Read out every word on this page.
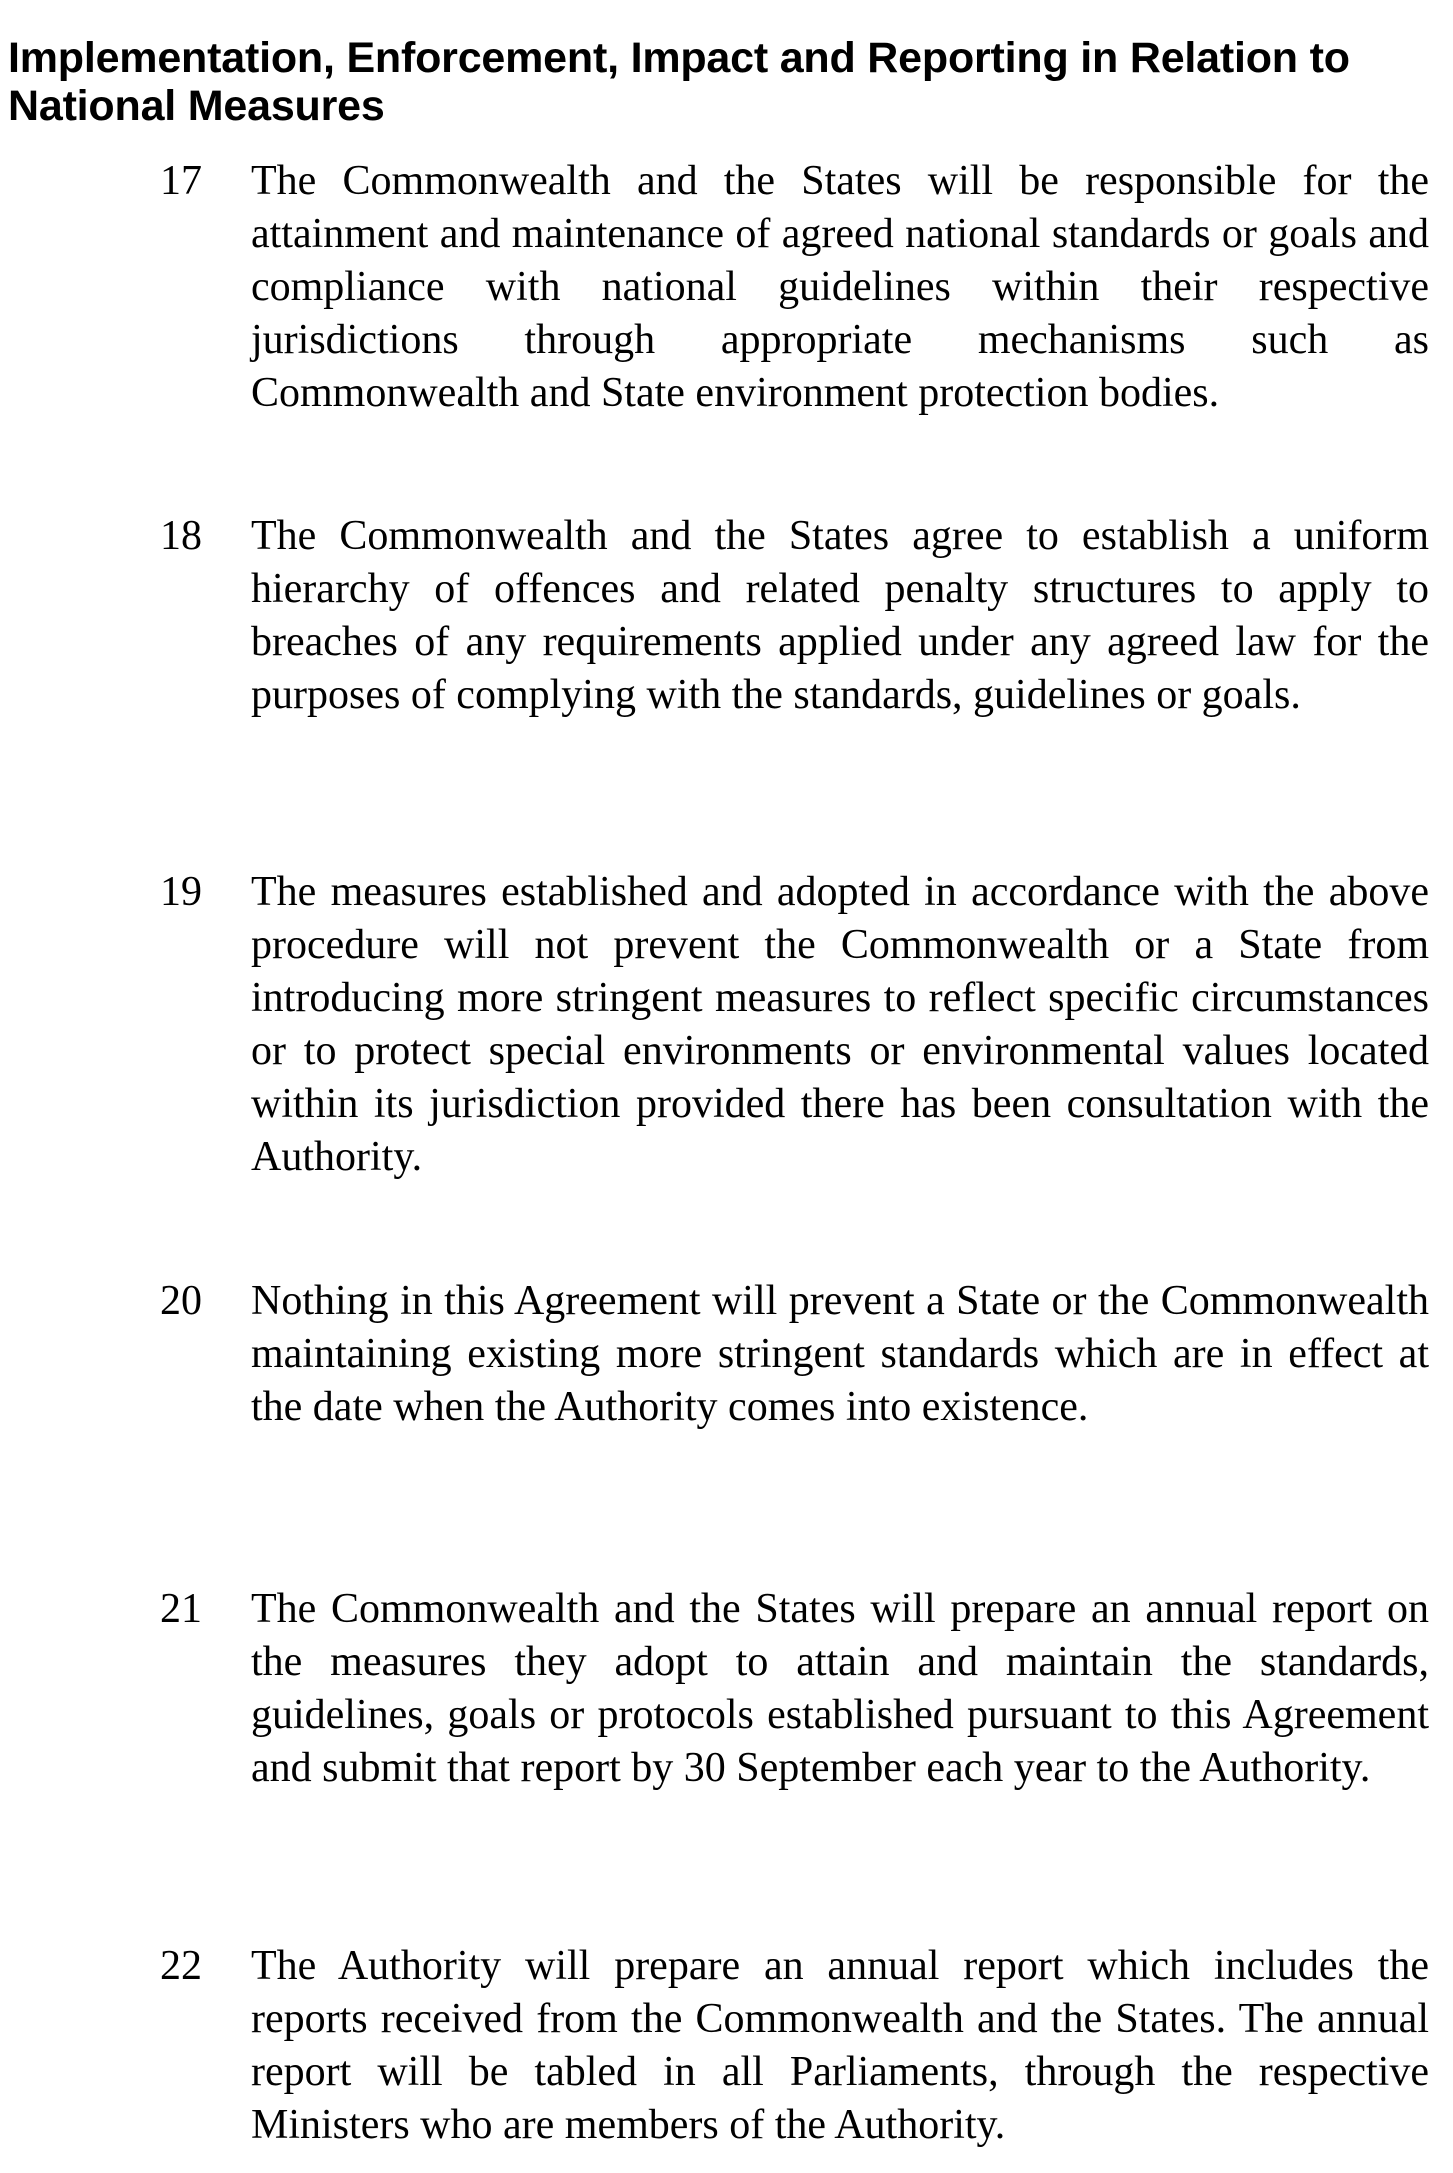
Implementation, Enforcement, Impact and Reporting in Relation to National Measures
17	The Commonwealth and the States will be responsible for the attainment and maintenance of agreed national standards or goals and compliance with national guidelines within their respective jurisdictions through appropriate mechanisms such as Commonwealth and State environment protection bodies.
18	The Commonwealth and the States agree to establish a uniform hierarchy of offences and related penalty structures to apply to breaches of any requirements applied under any agreed law for the purposes of complying with the standards, guidelines or goals.
19	The measures established and adopted in accordance with the above procedure will not prevent the Commonwealth or a State from introducing more stringent measures to reflect specific circumstances or to protect special environments or environmental values located within its jurisdiction provided there has been consultation with the Authority.
20	Nothing in this Agreement will prevent a State or the Commonwealth maintaining existing more stringent standards which are in effect at the date when the Authority comes into existence.
21	The Commonwealth and the States will prepare an annual report on the measures they adopt to attain and maintain the standards, guidelines, goals or protocols established pursuant to this Agreement and submit that report by 30 September each year to the Authority.
22	The Authority will prepare an annual report which includes the reports received from the Commonwealth and the States. The annual report will be tabled in all Parliaments, through the respective Ministers who are members of the Authority.
